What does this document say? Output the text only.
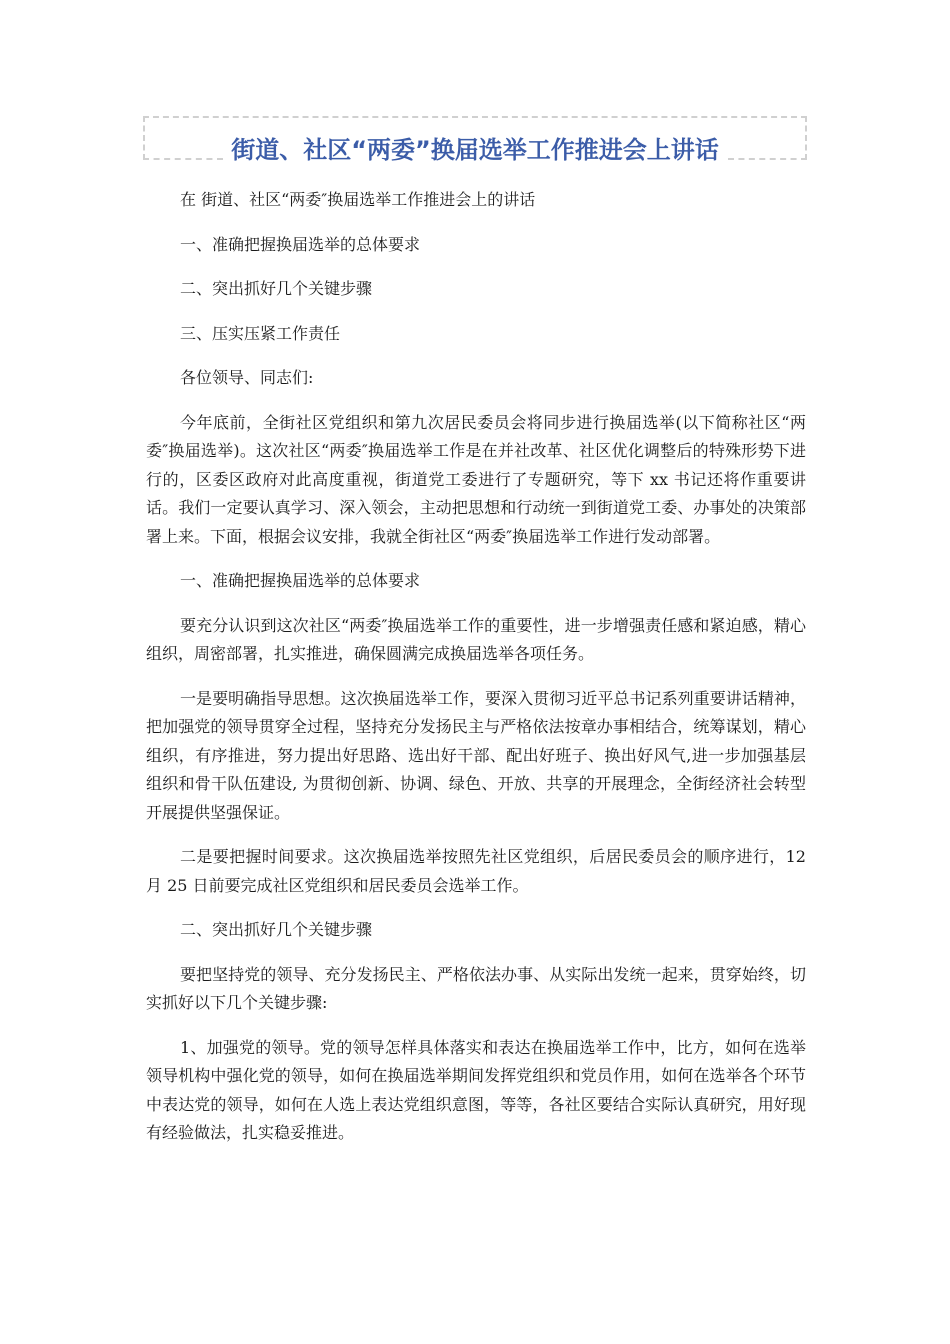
街道、社区“两委”换届选举工作推进会上讲话

在 街道、社区“两委″换届选举工作推进会上的讲话

一、准确把握换届选举的总体要求

二、突出抓好几个关键步骤

三、压实压紧工作责任

各位领导、同志们:

今年底前，全街社区党组织和第九次居民委员会将同步进行换届选举(以下简称社区“两委″换届选举)。这次社区“两委″换届选举工作是在并社改革、社区优化调整后的特殊形势下进行的，区委区政府对此高度重视，街道党工委进行了专题研究，等下 xx 书记还将作重要讲话。我们一定要认真学习、深入领会，主动把思想和行动统一到街道党工委、办事处的决策部署上来。下面，根据会议安排，我就全街社区“两委″换届选举工作进行发动部署。

一、准确把握换届选举的总体要求

要充分认识到这次社区“两委″换届选举工作的重要性，进一步增强责任感和紧迫感，精心组织，周密部署，扎实推进，确保圆满完成换届选举各项任务。

一是要明确指导思想。这次换届选举工作，要深入贯彻习近平总书记系列重要讲话精神，把加强党的领导贯穿全过程，坚持充分发扬民主与严格依法按章办事相结合，统筹谋划，精心组织，有序推进，努力提出好思路、选出好干部、配出好班子、换出好风气,进一步加强基层组织和骨干队伍建设, 为贯彻创新、协调、绿色、开放、共享的开展理念，全街经济社会转型开展提供坚强保证。

二是要把握时间要求。这次换届选举按照先社区党组织，后居民委员会的顺序进行，12 月 25 日前要完成社区党组织和居民委员会选举工作。

二、突出抓好几个关键步骤

要把坚持党的领导、充分发扬民主、严格依法办事、从实际出发统一起来，贯穿始终，切实抓好以下几个关键步骤:

1、加强党的领导。党的领导怎样具体落实和表达在换届选举工作中，比方，如何在选举领导机构中强化党的领导，如何在换届选举期间发挥党组织和党员作用，如何在选举各个环节中表达党的领导，如何在人选上表达党组织意图，等等，各社区要结合实际认真研究，用好现有经验做法，扎实稳妥推进。
